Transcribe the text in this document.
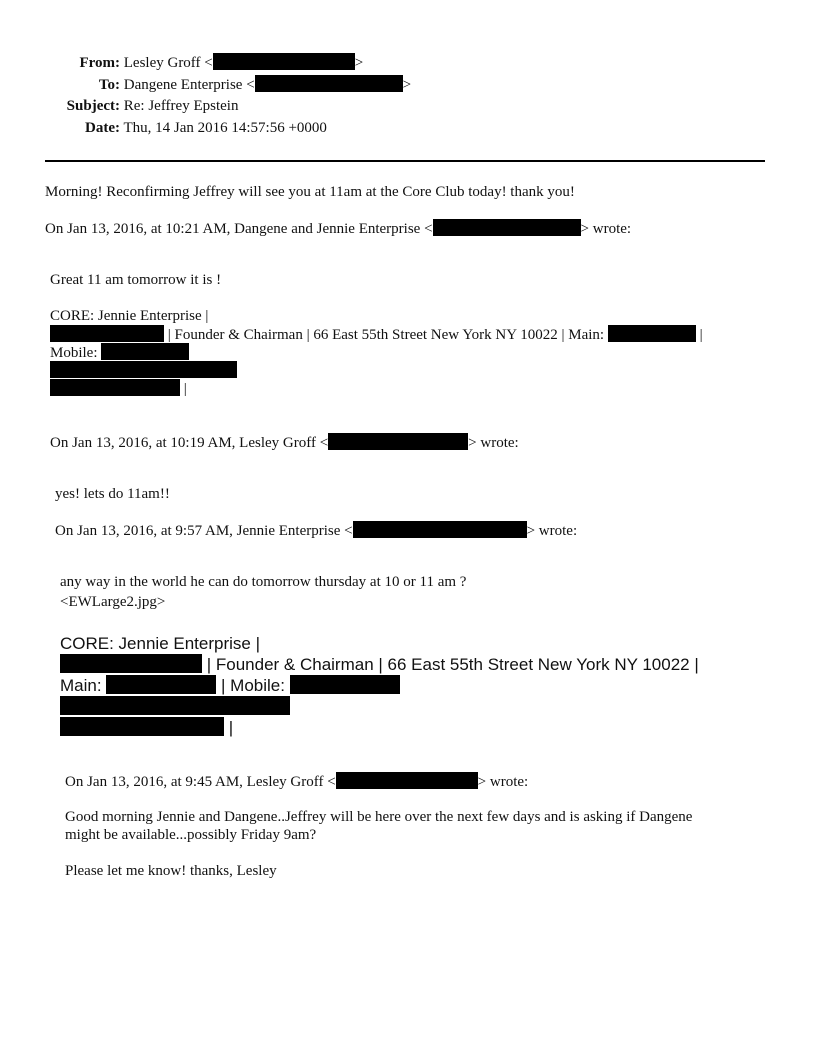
From: Lesley Groff <	>
To: Dangene Enterprise <	>
Subject: Re: Jeffrey Epstein
Date: Thu, 14 Jan 2016 14:57:56 +0000
Morning! Reconfirming Jeffrey will see you at 11am at the Core Club today! thank you!
On Jan 13, 2016, at 10:21 AM, Dangene and Jennie Enterprise <	> wrote:
Great 11 am tomorrow it is !
CORE: Jennie Enterprise |
| Founder & Chairman | 66 East 55th Street New York NY 10022 | Main:	|
Mobile:
|
On Jan 13, 2016, at 10:19 AM, Lesley Groff <	> wrote:
yes! lets do 11am!!
On Jan 13, 2016, at 9:57 AM, Jennie Enterprise <	> wrote:
any way in the world he can do tomorrow thursday at 10 or 11 am ?
<EWLarge2.jpg>
CORE: Jennie Enterprise |
| Founder & Chairman | 66 East 55th Street New York NY 10022 |
Main:	| Mobile:
|
On Jan 13, 2016, at 9:45 AM, Lesley Groff <	> wrote:
Good morning Jennie and Dangene..Jeffrey will be here over the next few days and is asking if Dangene
might be available...possibly Friday 9am?
Please let me know! thanks, Lesley
